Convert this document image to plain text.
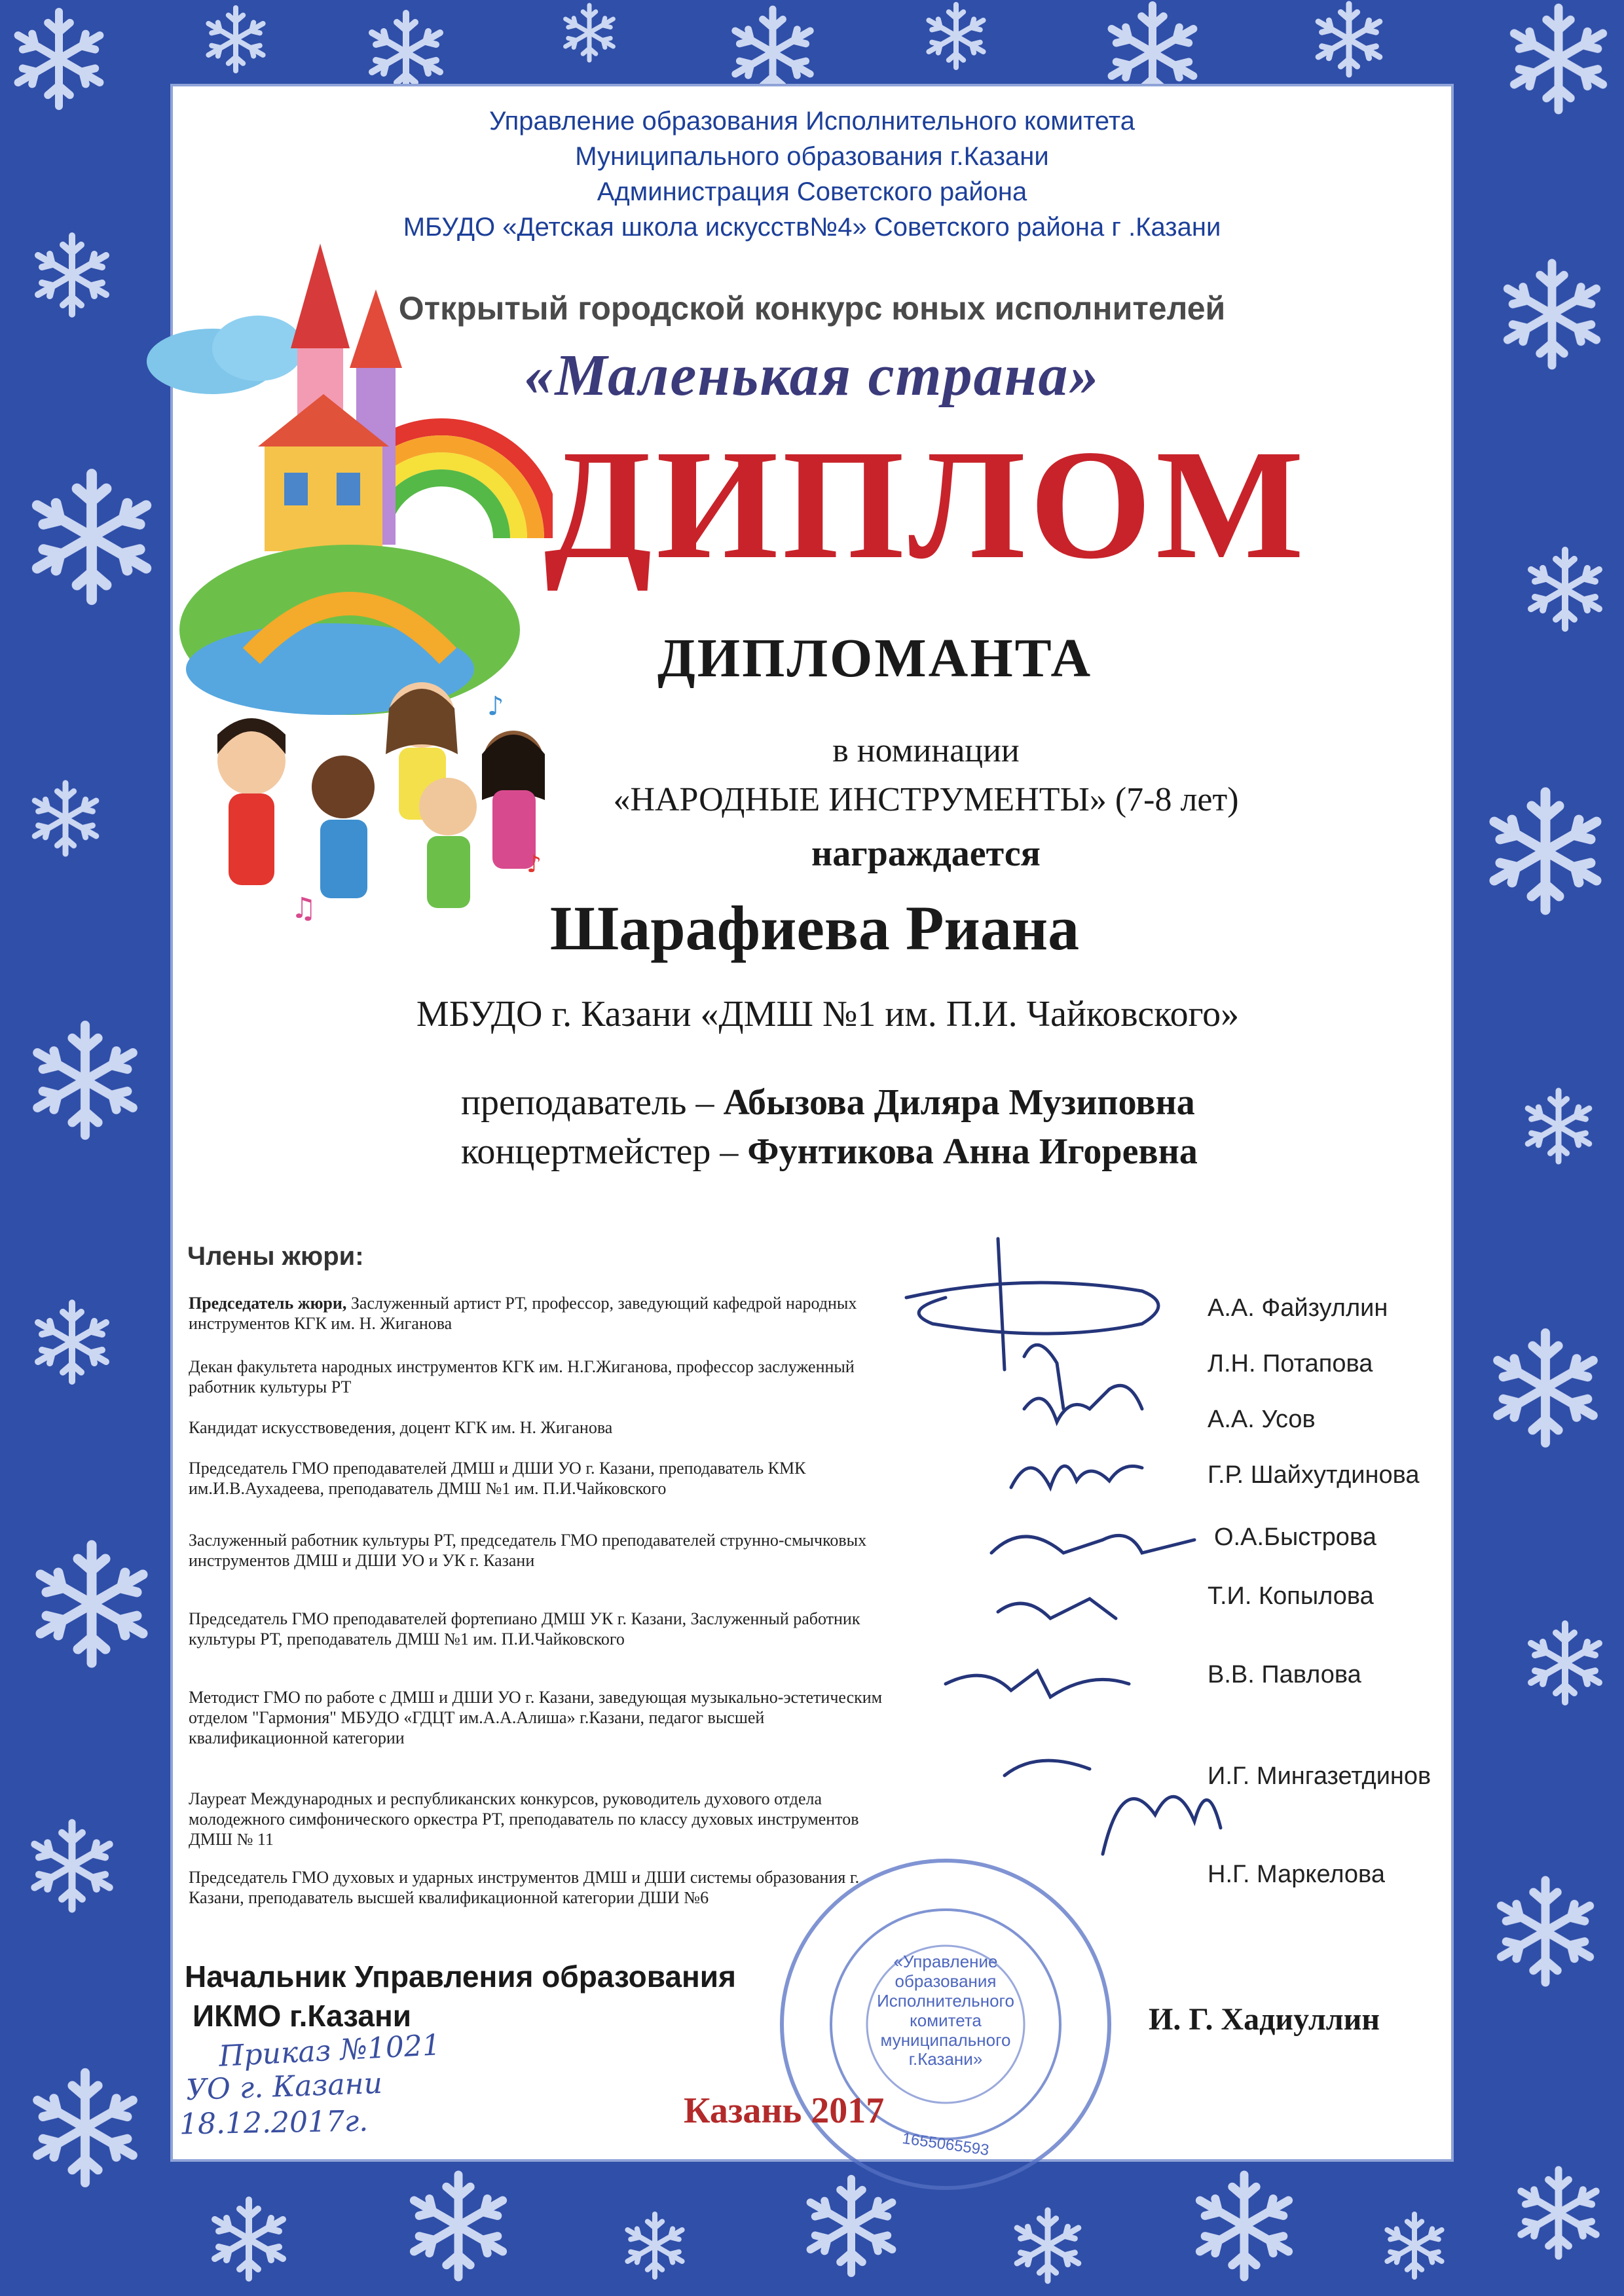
Управление образования Исполнительного комитета
Муниципального образования г.Казани
Администрация Советского района
МБУДО «Детская школа искусств№4» Советского района г .Казани
♪
♫
♪
Открытый городской конкурс юных исполнителей
«Маленькая страна»
ДИПЛОМ
ДИПЛОМАНТА
в номинации
«НАРОДНЫЕ ИНСТРУМЕНТЫ» (7-8 лет)
награждается
Шарафиева Риана
МБУДО г. Казани «ДМШ №1 им. П.И. Чайковского»
преподаватель – Абызова Диляра Музиповна
концертмейстер – Фунтикова Анна Игоревна
Члены жюри:
Председатель жюри, Заслуженный артист РТ, профессор, заведующий кафедрой народных инструментов КГК им. Н. Жиганова
Декан факультета народных инструментов КГК им. Н.Г.Жиганова, профессор заслуженный работник культуры РТ
Кандидат искусствоведения, доцент КГК им. Н. Жиганова
Председатель ГМО преподавателей ДМШ и ДШИ УО г. Казани, преподаватель КМК им.И.В.Аухадеева, преподаватель ДМШ №1 им. П.И.Чайковского
Заслуженный работник культуры РТ, председатель ГМО преподавателей струнно-смычковых инструментов ДМШ и ДШИ УО и УК г. Казани
Председатель ГМО преподавателей фортепиано ДМШ УК г. Казани, Заслуженный работник культуры РТ, преподаватель ДМШ №1 им. П.И.Чайковского
Методист ГМО по работе с ДМШ и ДШИ УО г. Казани, заведующая музыкально-эстетическим отделом "Гармония" МБУДО «ГДЦТ им.А.А.Алиша» г.Казани, педагог высшей квалификационной категории
Лауреат Международных и республиканских конкурсов, руководитель духового отдела молодежного симфонического оркестра РТ, преподаватель по классу духовых инструментов ДМШ № 11
Председатель ГМО духовых и ударных инструментов ДМШ и ДШИ системы образования г. Казани, преподаватель высшей квалификационной категории ДШИ №6
А.А. Файзуллин
Л.Н. Потапова
А.А. Усов
Г.Р. Шайхутдинова
О.А.Быстрова
Т.И. Копылова
В.В. Павлова
И.Г. Мингазетдинов
Н.Г. Маркелова
Начальник Управления образования
ИКМО г.Казани	И. Г. Хадиуллин
Приказ №1021
УО г. Казани
18.12.2017г.
«Управление
образования
Исполнительного
комитета
муниципального
г.Казани»
1655065593
Казань 2017
